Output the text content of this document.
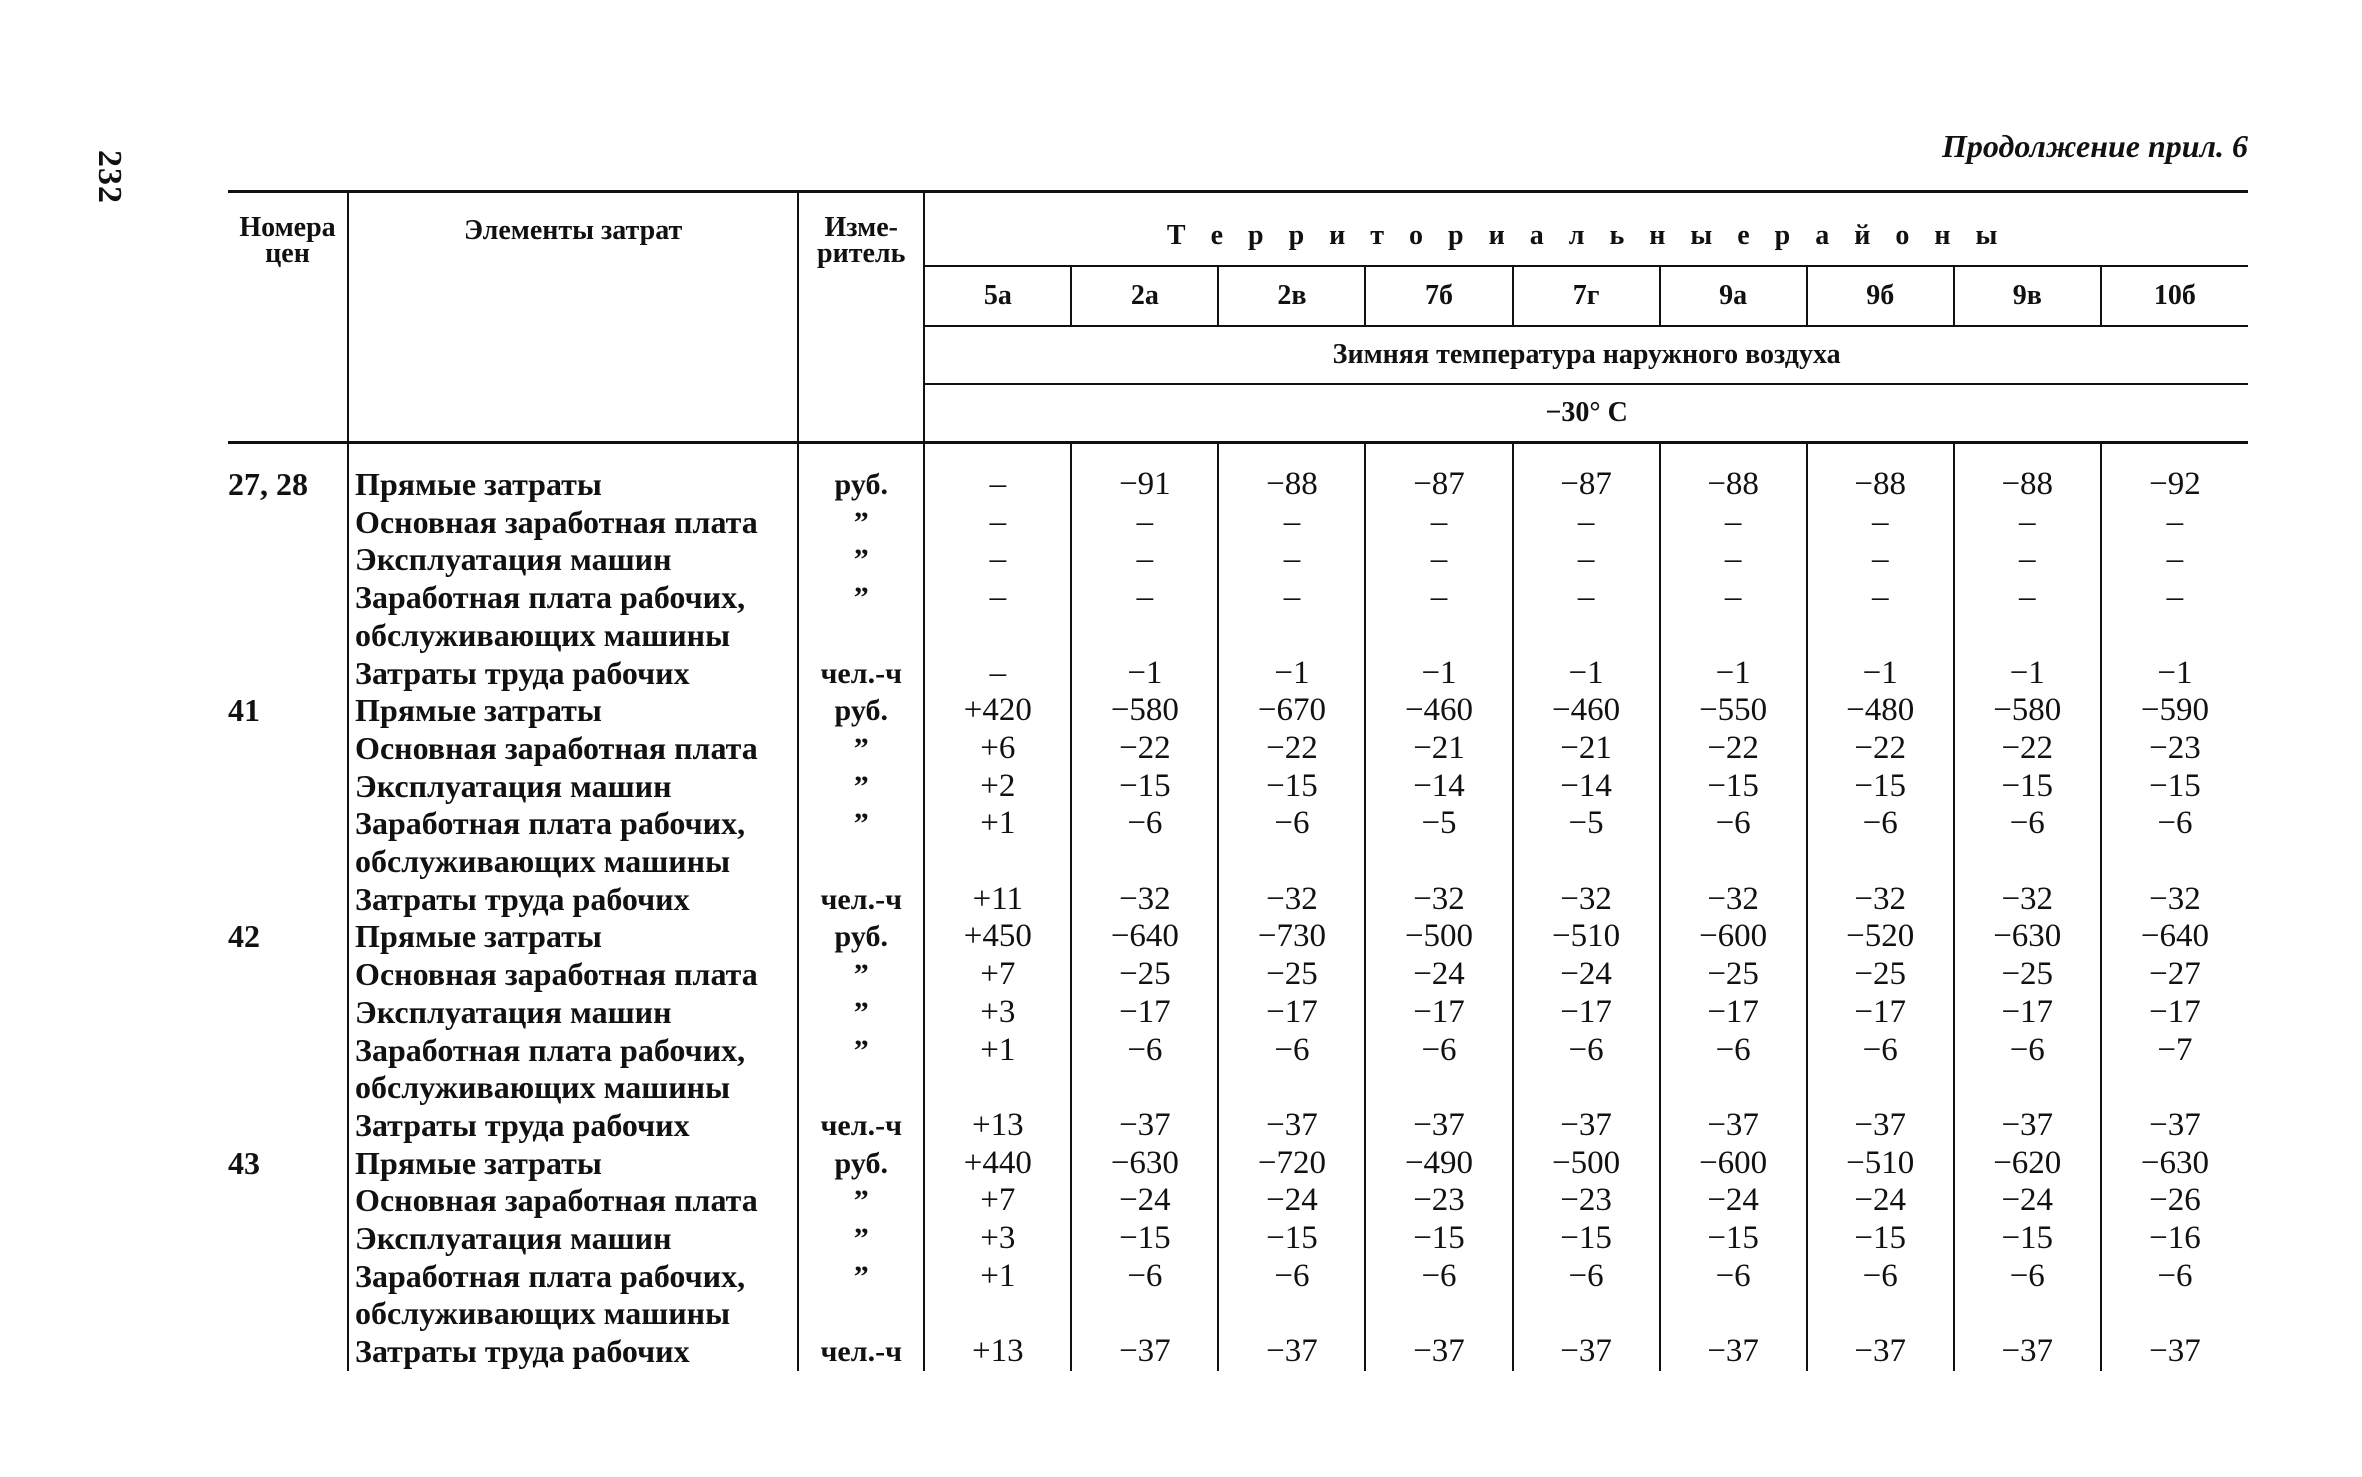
232
Продолжение прил. 6
Номера цен	Элементы затрат	Изме-ритель	Т е р р и т о р и а л ь н ы е р а й о н ы								
			5а	2а	2в	7б	7г	9а	9б	9в	10б
			Зимняя температура наружного воздуха								
			−30° С								
27, 28	Прямые затраты	руб.	–	−91	−88	−87	−87	−88	−88	−88	−92
	Основная заработная плата	”	–	–	–	–	–	–	–	–	–
	Эксплуатация машин	”	–	–	–	–	–	–	–	–	–
	Заработная плата рабочих,	”	–	–	–	–	–	–	–	–	–
	обслуживающих машины										
	Затраты труда рабочих	чел.-ч	–	−1	−1	−1	−1	−1	−1	−1	−1
41	Прямые затраты	руб.	+420	−580	−670	−460	−460	−550	−480	−580	−590
	Основная заработная плата	”	+6	−22	−22	−21	−21	−22	−22	−22	−23
	Эксплуатация машин	”	+2	−15	−15	−14	−14	−15	−15	−15	−15
	Заработная плата рабочих,	”	+1	−6	−6	−5	−5	−6	−6	−6	−6
	обслуживающих машины										
	Затраты труда рабочих	чел.-ч	+11	−32	−32	−32	−32	−32	−32	−32	−32
42	Прямые затраты	руб.	+450	−640	−730	−500	−510	−600	−520	−630	−640
	Основная заработная плата	”	+7	−25	−25	−24	−24	−25	−25	−25	−27
	Эксплуатация машин	”	+3	−17	−17	−17	−17	−17	−17	−17	−17
	Заработная плата рабочих,	”	+1	−6	−6	−6	−6	−6	−6	−6	−7
	обслуживающих машины										
	Затраты труда рабочих	чел.-ч	+13	−37	−37	−37	−37	−37	−37	−37	−37
43	Прямые затраты	руб.	+440	−630	−720	−490	−500	−600	−510	−620	−630
	Основная заработная плата	”	+7	−24	−24	−23	−23	−24	−24	−24	−26
	Эксплуатация машин	”	+3	−15	−15	−15	−15	−15	−15	−15	−16
	Заработная плата рабочих,	”	+1	−6	−6	−6	−6	−6	−6	−6	−6
	обслуживающих машины										
	Затраты труда рабочих	чел.-ч	+13	−37	−37	−37	−37	−37	−37	−37	−37
